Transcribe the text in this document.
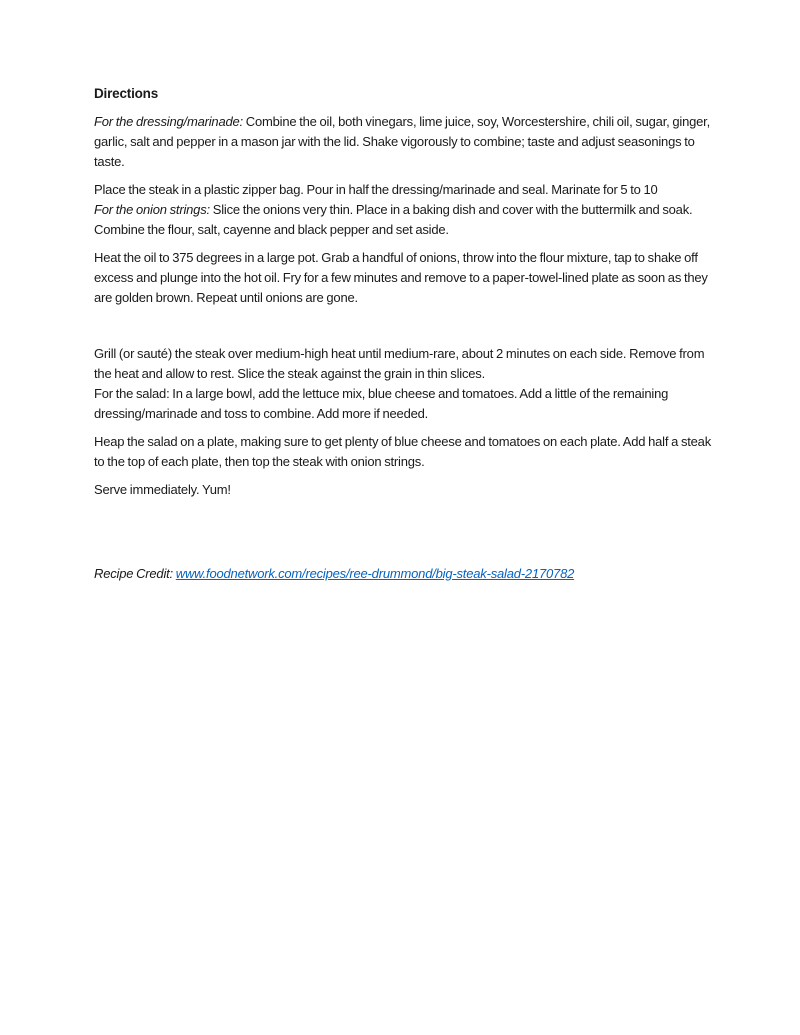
Directions

For the dressing/marinade: Combine the oil, both vinegars, lime juice, soy, Worcestershire, chili oil, sugar, ginger, garlic, salt and pepper in a mason jar with the lid. Shake vigorously to combine; taste and adjust seasonings to taste.

Place the steak in a plastic zipper bag. Pour in half the dressing/marinade and seal. Marinate for 5 to 10
For the onion strings: Slice the onions very thin. Place in a baking dish and cover with the buttermilk and soak. Combine the flour, salt, cayenne and black pepper and set aside.

Heat the oil to 375 degrees in a large pot. Grab a handful of onions, throw into the flour mixture, tap to shake off excess and plunge into the hot oil. Fry for a few minutes and remove to a paper-towel-lined plate as soon as they are golden brown. Repeat until onions are gone.

Grill (or sauté) the steak over medium-high heat until medium-rare, about 2 minutes on each side. Remove from the heat and allow to rest. Slice the steak against the grain in thin slices.
For the salad: In a large bowl, add the lettuce mix, blue cheese and tomatoes. Add a little of the remaining dressing/marinade and toss to combine. Add more if needed.

Heap the salad on a plate, making sure to get plenty of blue cheese and tomatoes on each plate. Add half a steak to the top of each plate, then top the steak with onion strings.

Serve immediately. Yum!

Recipe Credit: www.foodnetwork.com/recipes/ree-drummond/big-steak-salad-2170782
